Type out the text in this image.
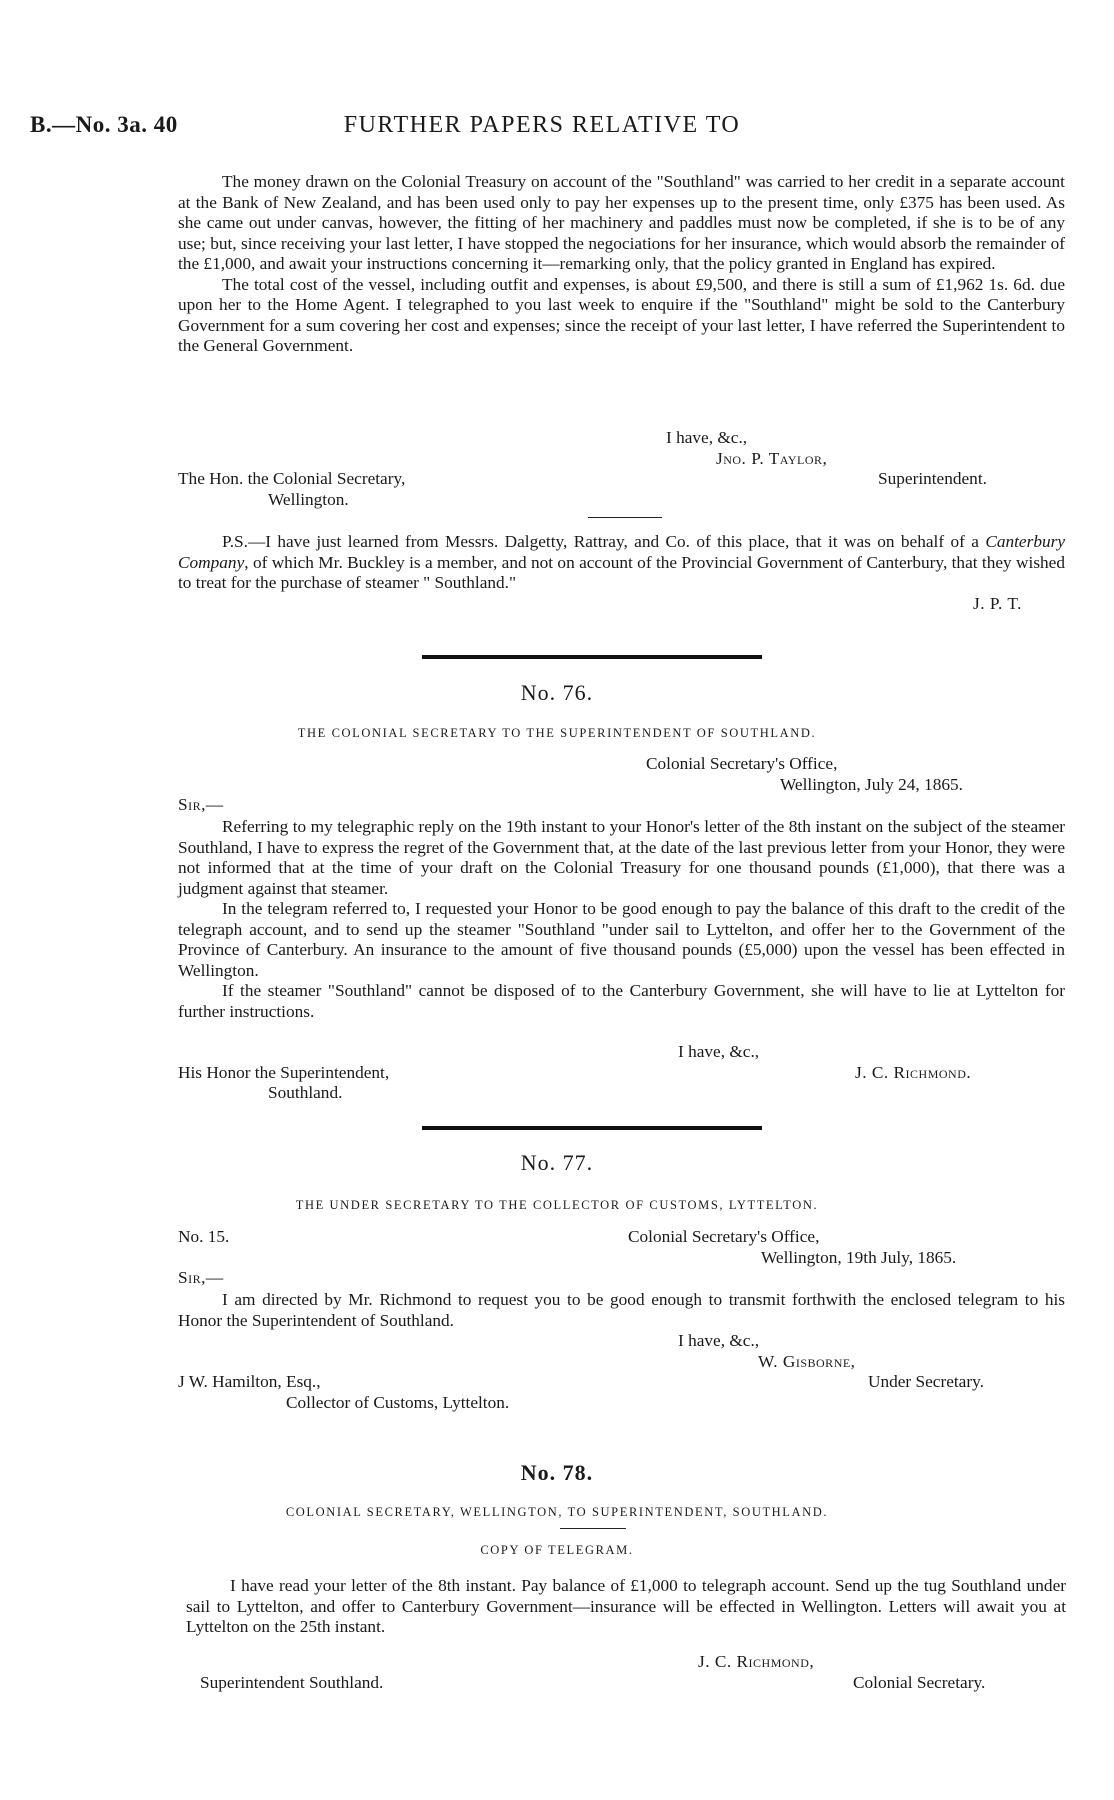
B.—No. 3a. 40	FURTHER PAPERS RELATIVE TO

The money drawn on the Colonial Treasury on account of the "Southland" was carried to her credit in a separate account at the Bank of New Zealand, and has been used only to pay her expenses up to the present time, only £375 has been used. As she came out under canvas, however, the fitting of her machinery and paddles must now be completed, if she is to be of any use; but, since receiving your last letter, I have stopped the negociations for her insurance, which would absorb the remainder of the £1,000, and await your instructions concerning it—remarking only, that the policy granted in England has expired.

The total cost of the vessel, including outfit and expenses, is about £9,500, and there is still a sum of £1,962 1s. 6d. due upon her to the Home Agent. I telegraphed to you last week to enquire if the "Southland" might be sold to the Canterbury Government for a sum covering her cost and expenses; since the receipt of your last letter, I have referred the Superintendent to the General Government.

I have, &c.,
Jno. P. Taylor,
The Hon. the Colonial Secretary,	Superintendent.
Wellington.

P.S.—I have just learned from Messrs. Dalgetty, Rattray, and Co. of this place, that it was on behalf of a Canterbury Company, of which Mr. Buckley is a member, and not on account of the Provincial Government of Canterbury, that they wished to treat for the purchase of steamer " Southland."

J. P. T.
No. 76.
THE COLONIAL SECRETARY TO THE SUPERINTENDENT OF SOUTHLAND.
Colonial Secretary's Office,
Wellington, July 24, 1865.
Sir,—

Referring to my telegraphic reply on the 19th instant to your Honor's letter of the 8th instant on the subject of the steamer Southland, I have to express the regret of the Government that, at the date of the last previous letter from your Honor, they were not informed that at the time of your draft on the Colonial Treasury for one thousand pounds (£1,000), that there was a judgment against that steamer.

In the telegram referred to, I requested your Honor to be good enough to pay the balance of this draft to the credit of the telegraph account, and to send up the steamer "Southland "under sail to Lyttelton, and offer her to the Government of the Province of Canterbury. An insurance to the amount of five thousand pounds (£5,000) upon the vessel has been effected in Wellington.

If the steamer "Southland" cannot be disposed of to the Canterbury Government, she will have to lie at Lyttelton for further instructions.

I have, &c.,
His Honor the Superintendent,	J. C. Richmond.
Southland.
No. 77.
THE UNDER SECRETARY TO THE COLLECTOR OF CUSTOMS, LYTTELTON.
No. 15.	Colonial Secretary's Office,
Wellington, 19th July, 1865.
Sir,—

I am directed by Mr. Richmond to request you to be good enough to transmit forthwith the enclosed telegram to his Honor the Superintendent of Southland.

I have, &c.,
W. Gisborne,
J W. Hamilton, Esq.,	Under Secretary.
Collector of Customs, Lyttelton.
No. 78.
COLONIAL SECRETARY, WELLINGTON, TO SUPERINTENDENT, SOUTHLAND.
COPY OF TELEGRAM.

I have read your letter of the 8th instant. Pay balance of £1,000 to telegraph account. Send up the tug Southland under sail to Lyttelton, and offer to Canterbury Government—insurance will be effected in Wellington. Letters will await you at Lyttelton on the 25th instant.

J. C. Richmond,
Superintendent Southland.	Colonial Secretary.
